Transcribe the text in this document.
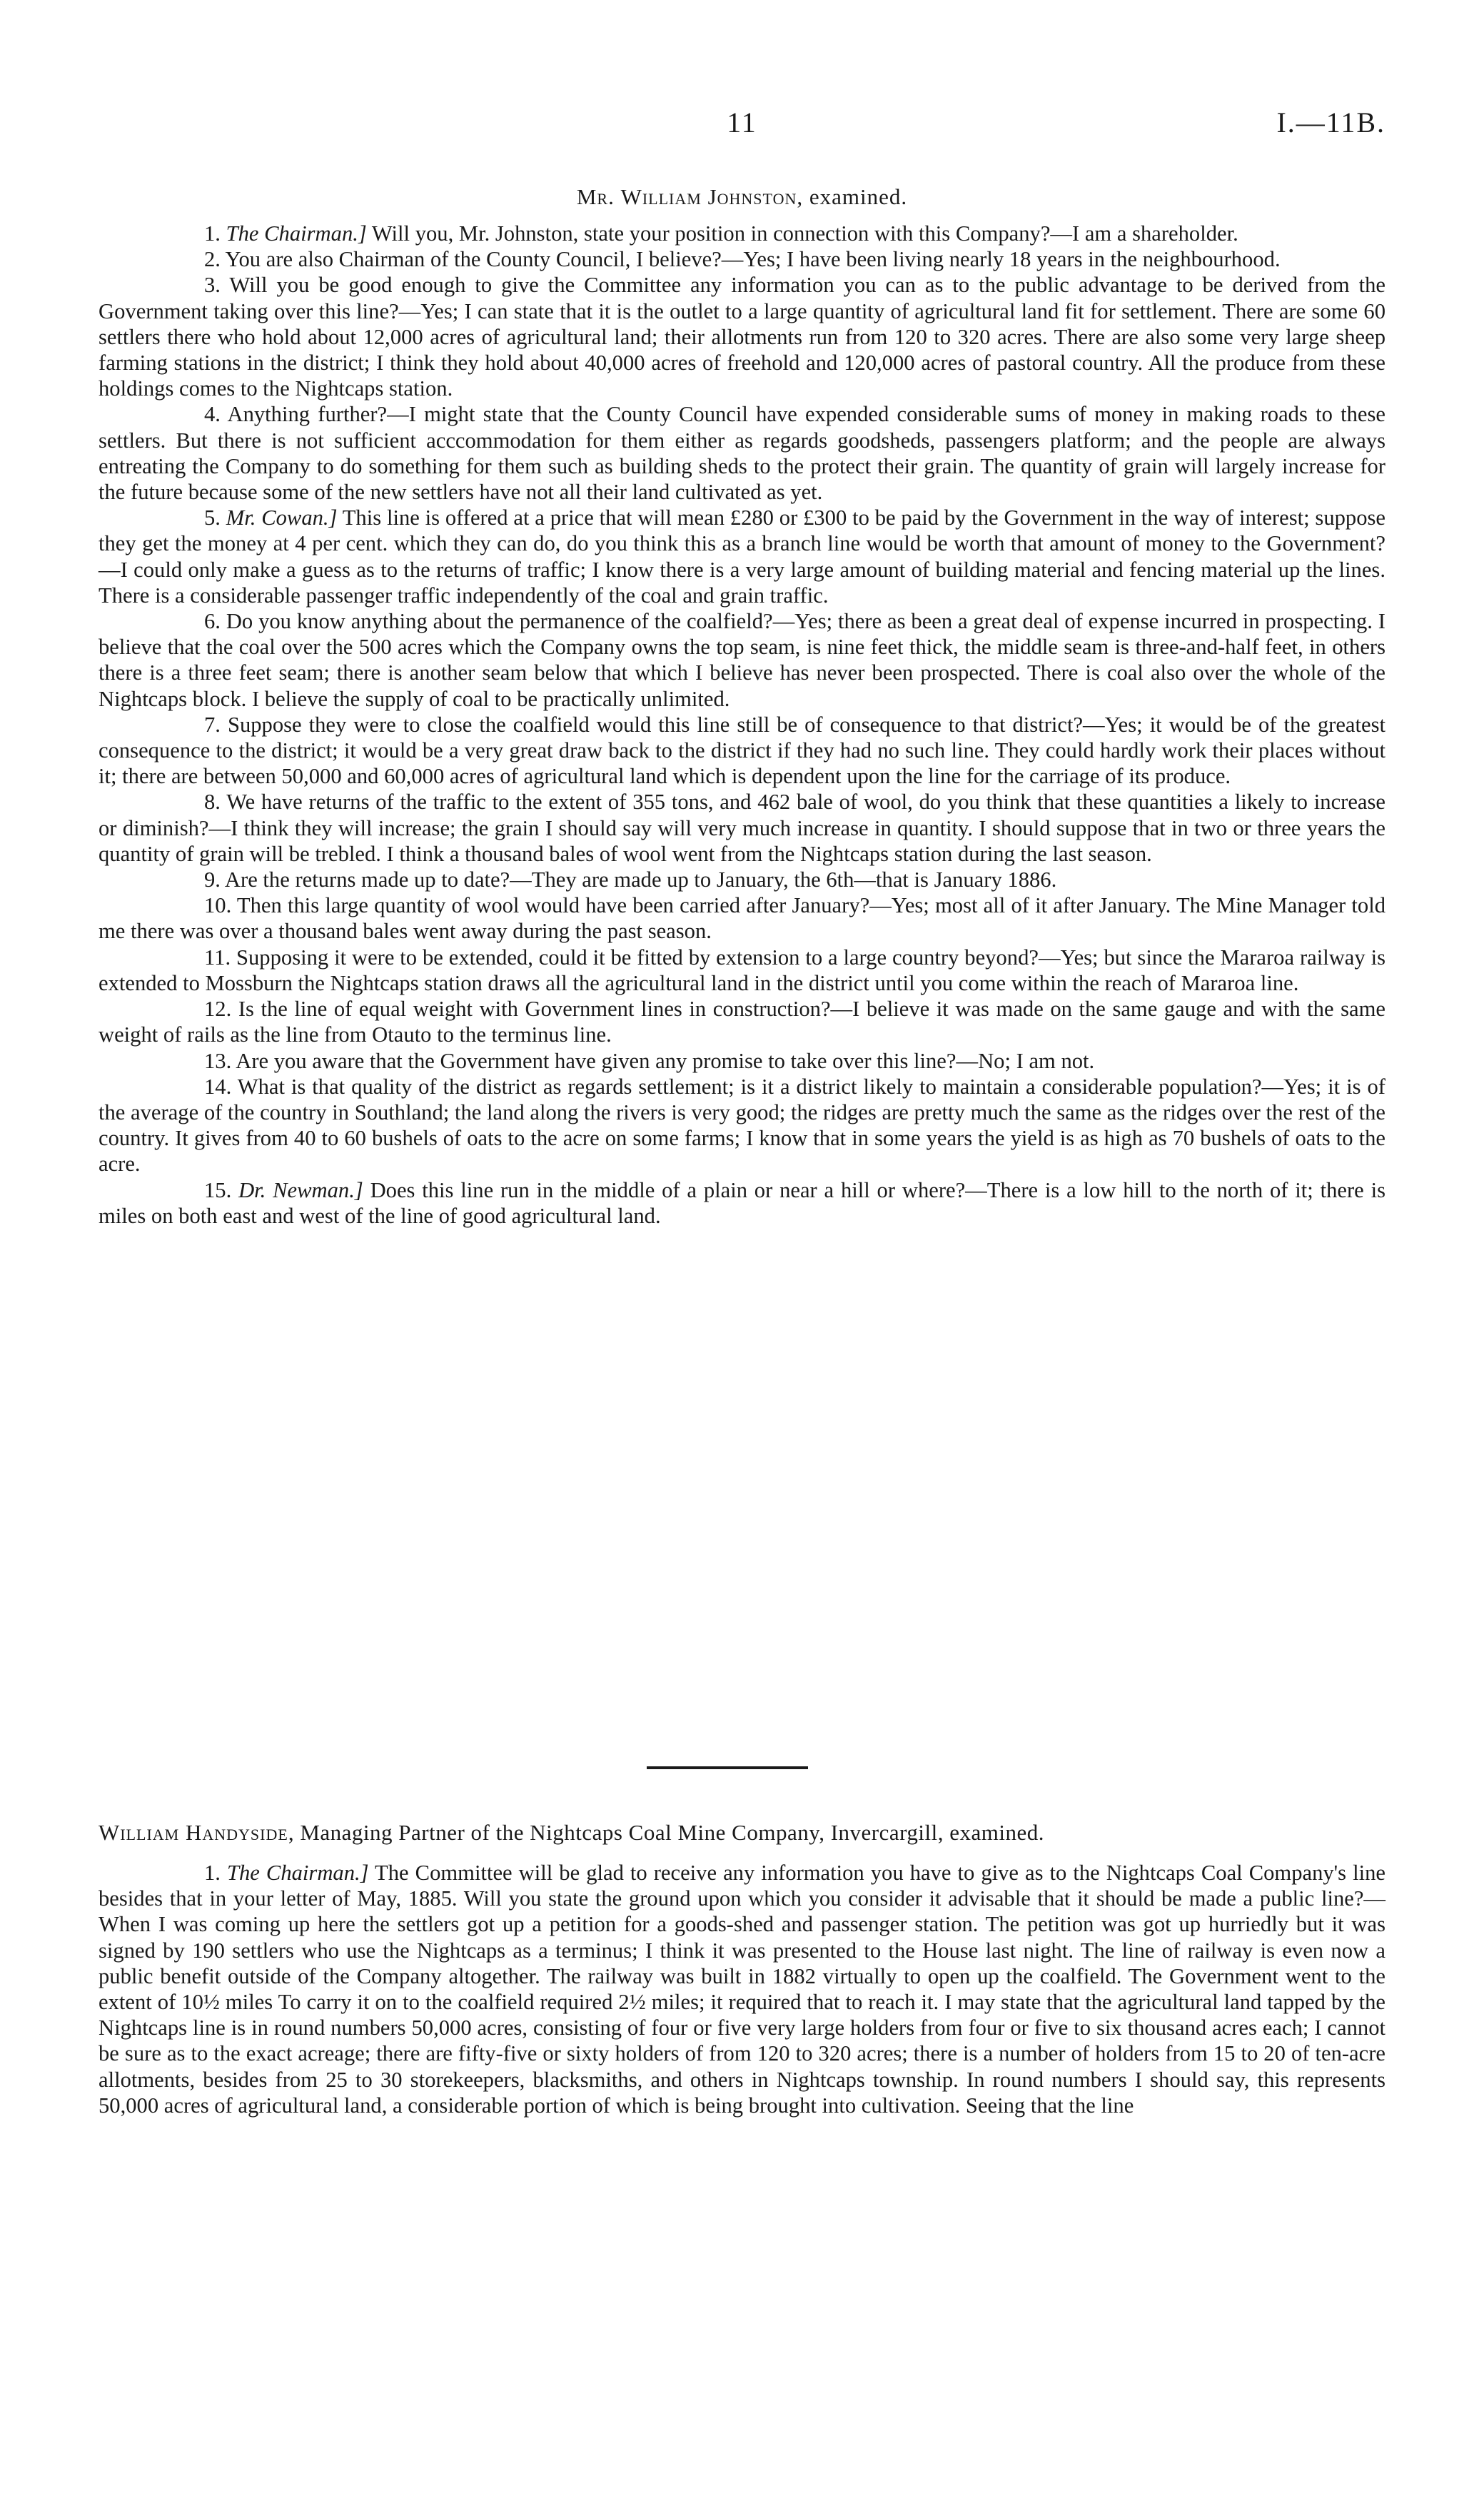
11	I.—11B.
Mr. William Johnston, examined.

1. The Chairman.] Will you, Mr. Johnston, state your position in connection with this Company?—I am a shareholder.

2. You are also Chairman of the County Council, I believe?—Yes; I have been living nearly 18 years in the neighbourhood.

3. Will you be good enough to give the Committee any information you can as to the public advantage to be derived from the Government taking over this line?—Yes; I can state that it is the outlet to a large quantity of agricultural land fit for settlement. There are some 60 settlers there who hold about 12,000 acres of agricultural land; their allotments run from 120 to 320 acres. There are also some very large sheep farming stations in the district; I think they hold about 40,000 acres of freehold and 120,000 acres of pastoral country. All the produce from these holdings comes to the Nightcaps station.

4. Anything further?—I might state that the County Council have expended considerable sums of money in making roads to these settlers. But there is not sufficient acccommodation for them either as regards goodsheds, passengers platform; and the people are always entreating the Company to do something for them such as building sheds to the protect their grain. The quantity of grain will largely increase for the future because some of the new settlers have not all their land cultivated as yet.

5. Mr. Cowan.] This line is offered at a price that will mean £280 or £300 to be paid by the Government in the way of interest; suppose they get the money at 4 per cent. which they can do, do you think this as a branch line would be worth that amount of money to the Government?—I could only make a guess as to the returns of traffic; I know there is a very large amount of building material and fencing material up the lines. There is a considerable passenger traffic independently of the coal and grain traffic.

6. Do you know anything about the permanence of the coalfield?—Yes; there as been a great deal of expense incurred in prospecting. I believe that the coal over the 500 acres which the Company owns the top seam, is nine feet thick, the middle seam is three-and-half feet, in others there is a three feet seam; there is another seam below that which I believe has never been prospected. There is coal also over the whole of the Nightcaps block. I believe the supply of coal to be practically unlimited.

7. Suppose they were to close the coalfield would this line still be of consequence to that district?—Yes; it would be of the greatest consequence to the district; it would be a very great draw back to the district if they had no such line. They could hardly work their places without it; there are between 50,000 and 60,000 acres of agricultural land which is dependent upon the line for the carriage of its produce.

8. We have returns of the traffic to the extent of 355 tons, and 462 bale of wool, do you think that these quantities a likely to increase or diminish?—I think they will increase; the grain I should say will very much increase in quantity. I should suppose that in two or three years the quantity of grain will be trebled. I think a thousand bales of wool went from the Nightcaps station during the last season.

9. Are the returns made up to date?—They are made up to January, the 6th—that is January 1886.

10. Then this large quantity of wool would have been carried after January?—Yes; most all of it after January. The Mine Manager told me there was over a thousand bales went away during the past season.

11. Supposing it were to be extended, could it be fitted by extension to a large country beyond?—Yes; but since the Mararoa railway is extended to Mossburn the Nightcaps station draws all the agricultural land in the district until you come within the reach of Mararoa line.

12. Is the line of equal weight with Government lines in construction?—I believe it was made on the same gauge and with the same weight of rails as the line from Otauto to the terminus line.

13. Are you aware that the Government have given any promise to take over this line?—No; I am not.

14. What is that quality of the district as regards settlement; is it a district likely to maintain a considerable population?—Yes; it is of the average of the country in Southland; the land along the rivers is very good; the ridges are pretty much the same as the ridges over the rest of the country. It gives from 40 to 60 bushels of oats to the acre on some farms; I know that in some years the yield is as high as 70 bushels of oats to the acre.

15. Dr. Newman.] Does this line run in the middle of a plain or near a hill or where?—There is a low hill to the north of it; there is miles on both east and west of the line of good agricultural land.

William Handyside, Managing Partner of the Nightcaps Coal Mine Company, Invercargill, examined.

1. The Chairman.] The Committee will be glad to receive any information you have to give as to the Nightcaps Coal Company's line besides that in your letter of May, 1885. Will you state the ground upon which you consider it advisable that it should be made a public line?—When I was coming up here the settlers got up a petition for a goods-shed and passenger station. The petition was got up hurriedly but it was signed by 190 settlers who use the Nightcaps as a terminus; I think it was presented to the House last night. The line of railway is even now a public benefit outside of the Company altogether. The railway was built in 1882 virtually to open up the coalfield. The Government went to the extent of 10½ miles To carry it on to the coalfield required 2½ miles; it required that to reach it. I may state that the agricultural land tapped by the Nightcaps line is in round numbers 50,000 acres, consisting of four or five very large holders from four or five to six thousand acres each; I cannot be sure as to the exact acreage; there are fifty-five or sixty holders of from 120 to 320 acres; there is a number of holders from 15 to 20 of ten-acre allotments, besides from 25 to 30 storekeepers, blacksmiths, and others in Nightcaps township. In round numbers I should say, this represents 50,000 acres of agricultural land, a considerable portion of which is being brought into cultivation. Seeing that the line
